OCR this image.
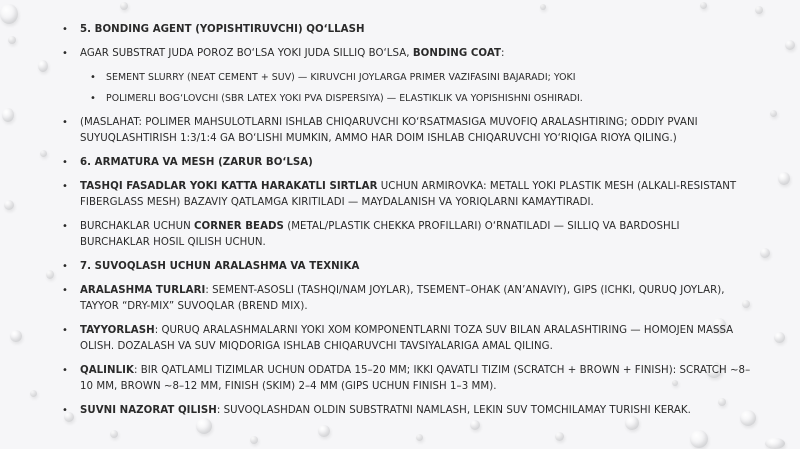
• 5. BONDING AGENT (YOPISHTIRUVCHI) QO‘LLASH
• AGAR SUBSTRAT JUDA POROZ BO‘LSA YOKI JUDA SILLIQ BO‘LSA, BONDING COAT:
• SEMENT SLURRY (NEAT CEMENT + SUV) — KIRUVCHI JOYLARGA PRIMER VAZIFASINI BAJARADI; YOKI
• POLIMERLI BOG‘LOVCHI (SBR LATEX YOKI PVA DISPERSIYA) — ELASTIKLIK VA YOPISHISHNI OSHIRADI.
• (MASLAHAT: POLIMER MAHSULOTLARNI ISHLAB CHIQARUVCHI KO‘RSATMASIGA MUVOFIQ ARALASHTIRING; ODDIY PVANI SUYUQLASHTIRISH 1:3/1:4 GA BO‘LISHI MUMKIN, AMMO HAR DOIM ISHLAB CHIQARUVCHI YO‘RIQIGA RIOYA QILING.)
• 6. ARMATURA VA MESH (ZARUR BO‘LSA)
• TASHQI FASADLAR YOKI KATTA HARAKATLI SIRTLAR UCHUN ARMIROVKA: METALL YOKI PLASTIK MESH (ALKALI-RESISTANT FIBERGLASS MESH) BAZAVIY QATLAMGA KIRITILADI — MAYDALANISH VA YORIQLARNI KAMAYTIRADI.
• BURCHAKLAR UCHUN CORNER BEADS (METAL/PLASTIK CHEKKA PROFILLARI) O‘RNATILADI — SILLIQ VA BARDOSHLI BURCHAKLAR HOSIL QILISH UCHUN.
• 7. SUVOQLASH UCHUN ARALASHMA VA TEXNIKA
• ARALASHMA TURLARI: SEMENT-ASOSLI (TASHQI/NAM JOYLAR), TSEMENT–OHAK (AN’ANAVIY), GIPS (ICHKI, QURUQ JOYLAR), TAYYOR “DRY-MIX” SUVOQLAR (BREND MIX).
• TAYYORLASH: QURUQ ARALASHMALARNI YOKI XOM KOMPONENTLARNI TOZA SUV BILAN ARALASHTIRING — HOMOJEN MASSA OLISH. DOZALASH VA SUV MIQDORIGA ISHLAB CHIQARUVCHI TAVSIYALARIGA AMAL QILING.
• QALINLIK: BIR QATLAMLI TIZIMLAR UCHUN ODATDA 15–20 MM; IKKI QAVATLI TIZIM (SCRATCH + BROWN + FINISH): SCRATCH ~8–10 MM, BROWN ~8–12 MM, FINISH (SKIM) 2–4 MM (GIPS UCHUN FINISH 1–3 MM).
• SUVNI NAZORAT QILISH: SUVOQLASHDAN OLDIN SUBSTRATNI NAMLASH, LEKIN SUV TOMCHILAMAY TURISHI KERAK.
